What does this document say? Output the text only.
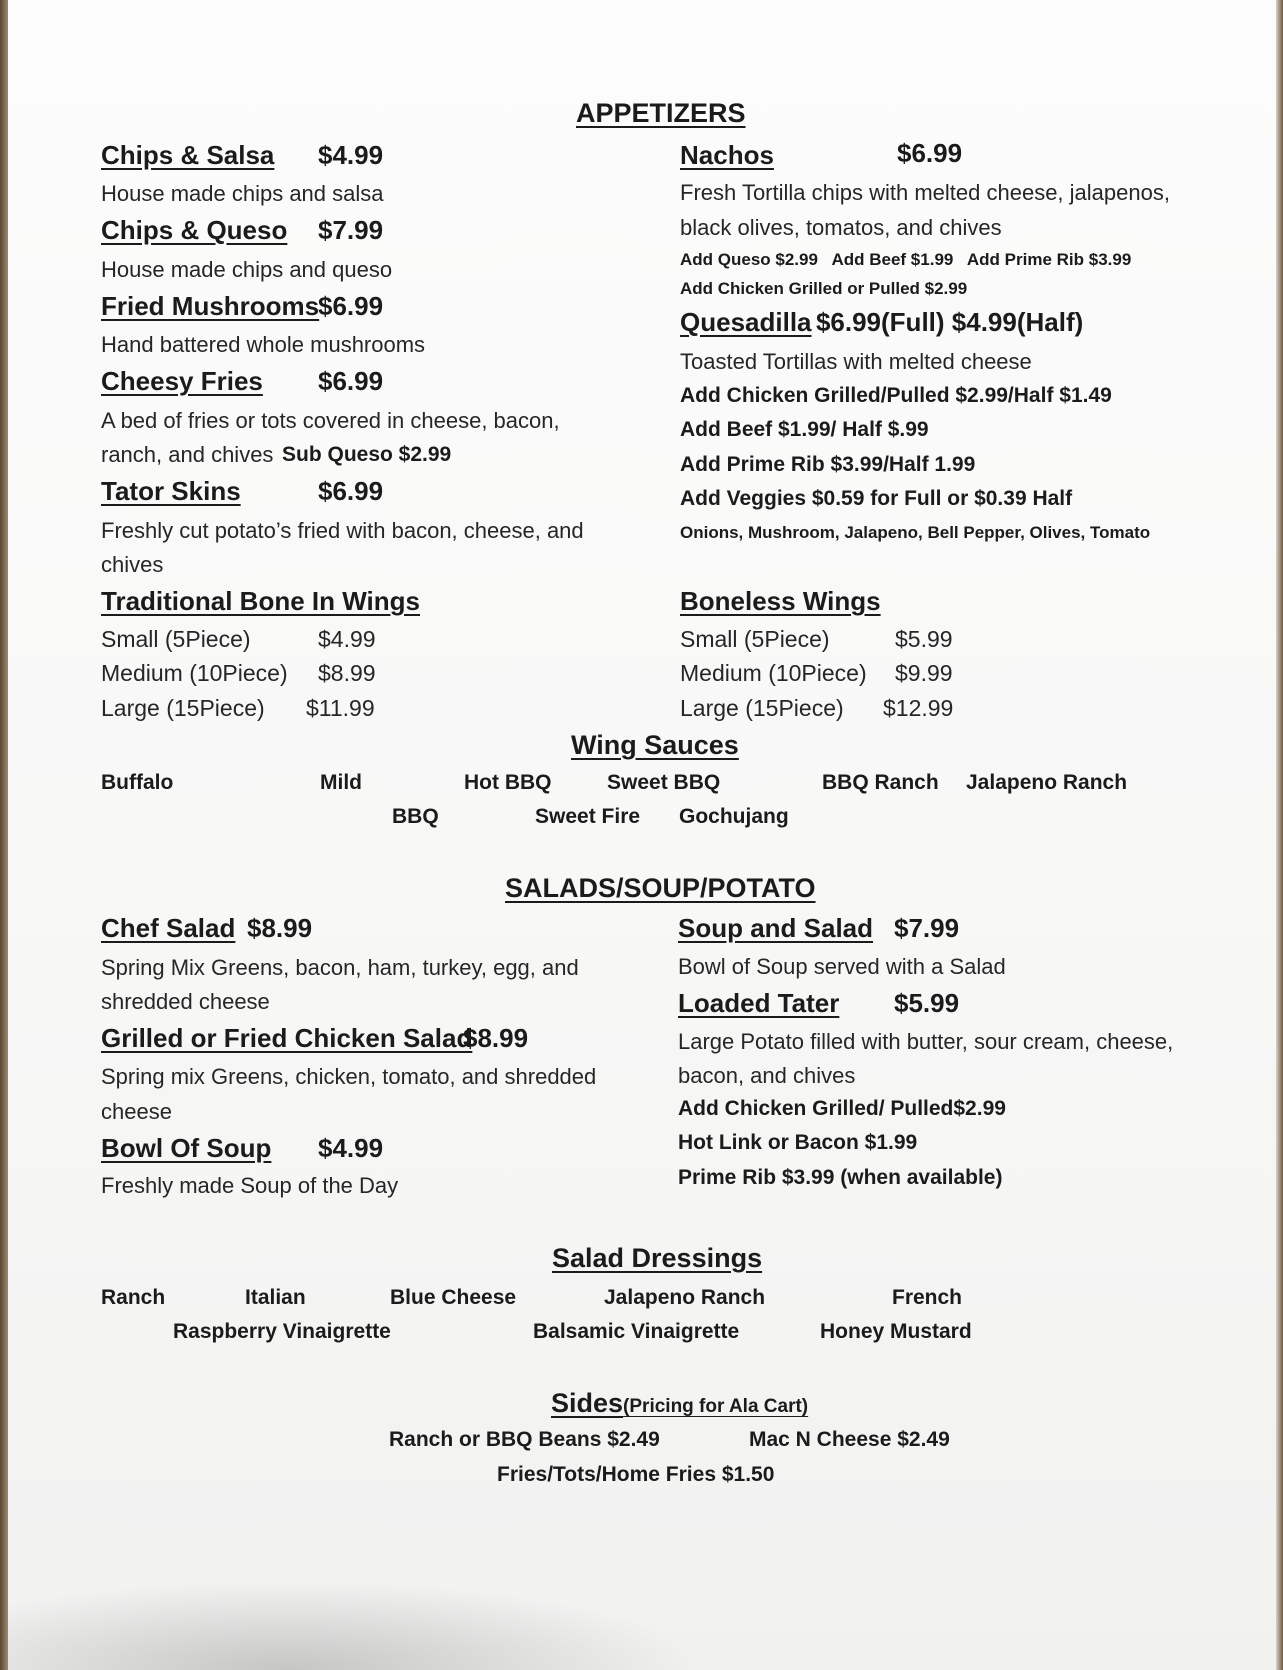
APPETIZERS
Chips & Salsa $4.99
House made chips and salsa
Chips & Queso $7.99
House made chips and queso
Fried Mushrooms
$6.99
Hand battered whole mushrooms
Cheesy Fries $6.99
A bed of fries or tots covered in cheese, bacon,
ranch, and chives Sub Queso $2.99
Tator Skins	$6.99
Freshly cut potato’s fried with bacon, cheese, and
chives
Nachos	$6.99
Fresh Tortilla chips with melted cheese, jalapenos,
black olives, tomatos, and chives
Add Queso $2.99   Add Beef $1.99   Add Prime Rib $3.99
Add Chicken Grilled or Pulled $2.99
Quesadilla $6.99(Full) $4.99(Half)
Toasted Tortillas with melted cheese
Add Chicken Grilled/Pulled $2.99/Half $1.49
Add Beef $1.99/ Half $.99
Add Prime Rib $3.99/Half 1.99
Add Veggies $0.59 for Full or $0.39 Half
Onions, Mushroom, Jalapeno, Bell Pepper, Olives, Tomato
Traditional Bone In Wings
Small (5Piece)	$4.99
Medium (10Piece) $8.99
Large (15Piece) $11.99
Boneless Wings
Small (5Piece)	$5.99
Medium (10Piece) $9.99
Large (15Piece) $12.99
Wing Sauces
Buffalo	Mild	Hot BBQ	Sweet BBQ	BBQ Ranch Jalapeno Ranch
BBQ	Sweet Fire Gochujang
SALADS/SOUP/POTATO
Chef Salad $8.99
Spring Mix Greens, bacon, ham, turkey, egg, and
shredded cheese
Grilled or Fried Chicken Salad
$8.99
Spring mix Greens, chicken, tomato, and shredded
cheese
Bowl Of Soup $4.99
Freshly made Soup of the Day
Soup and Salad $7.99
Bowl of Soup served with a Salad
Loaded Tater $5.99
Large Potato filled with butter, sour cream, cheese,
bacon, and chives
Add Chicken Grilled/ Pulled$2.99
Hot Link or Bacon $1.99
Prime Rib $3.99 (when available)
Salad Dressings
Ranch	Italian	Blue Cheese	Jalapeno Ranch	French
Raspberry Vinaigrette	Balsamic Vinaigrette	Honey Mustard
Sides(Pricing for Ala Cart)
Ranch or BBQ Beans $2.49	Mac N Cheese $2.49
Fries/Tots/Home Fries $1.50
